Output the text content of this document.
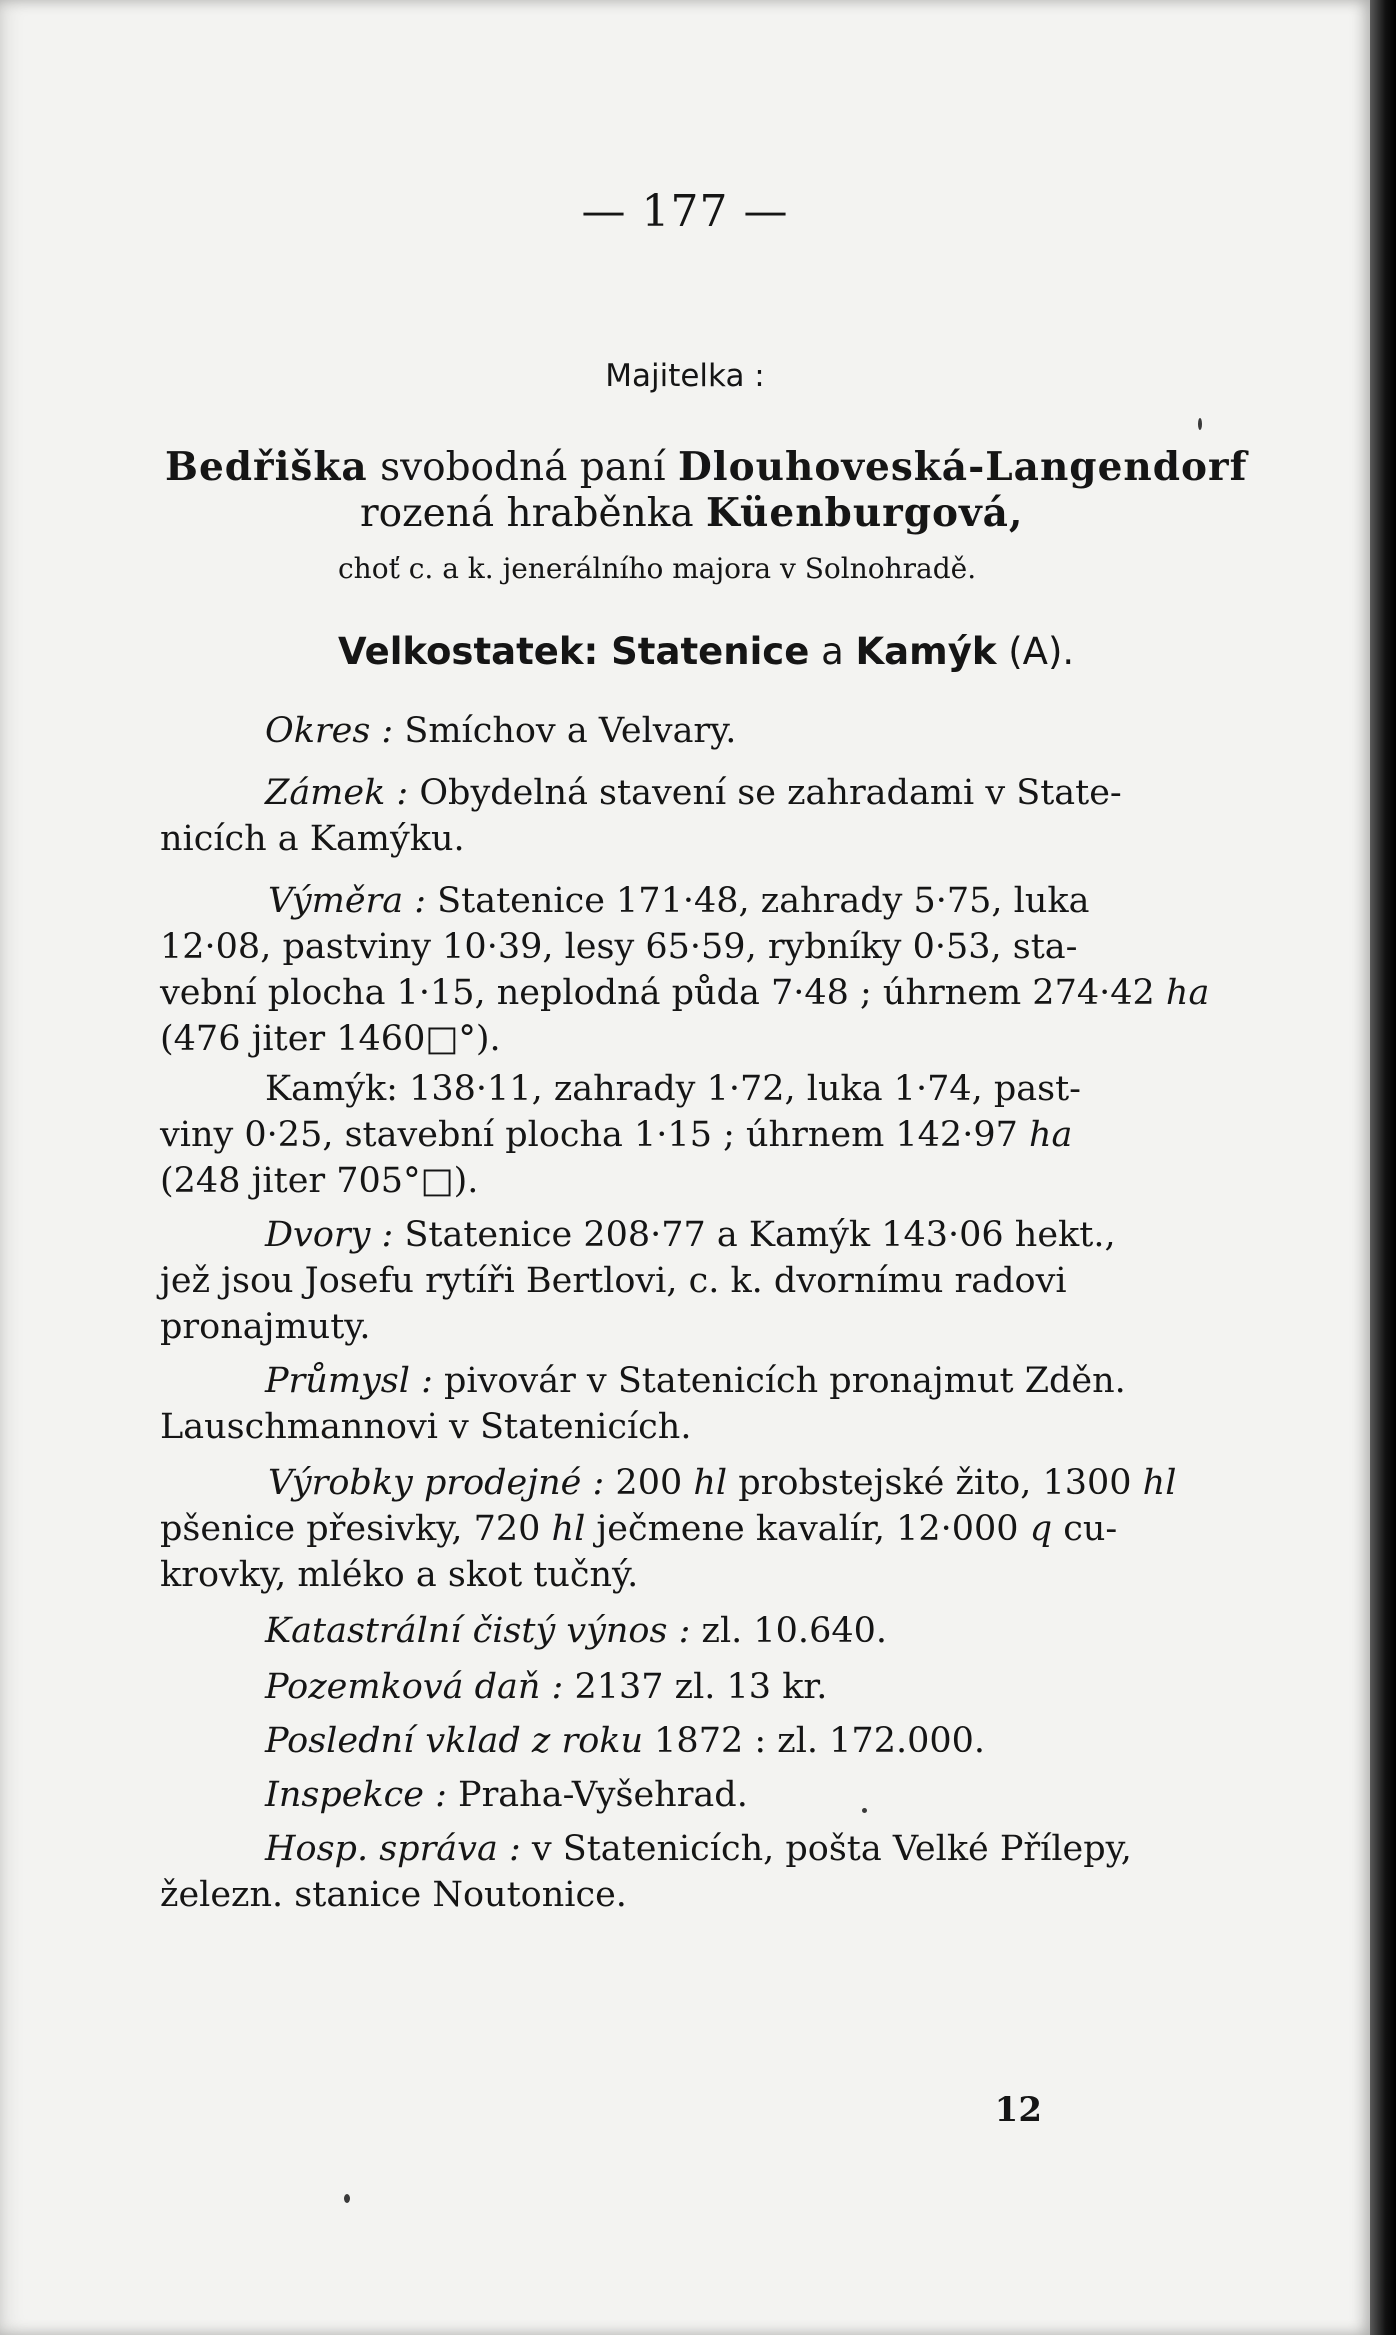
— 177 —
Majitelka :
Bedřiška svobodná paní Dlouhoveská-Langendorf
rozená hraběnka Küenburgová,
choť c. a k. jenerálního majora v Solnohradě.
Velkostatek: Statenice a Kamýk (A).
Okres : Smíchov a Velvary.
Zámek : Obydelná stavení se zahradami v State-
nicích a Kamýku.
Výměra : Statenice 171·48, zahrady 5·75, luka
12·08, pastviny 10·39, lesy 65·59, rybníky 0·53, sta-
vební plocha 1·15, neplodná půda 7·48 ; úhrnem 274·42 ha
(476 jiter 1460□°).
Kamýk: 138·11, zahrady 1·72, luka 1·74, past-
viny 0·25, stavební plocha 1·15 ; úhrnem 142·97 ha
(248 jiter 705°□).
Dvory : Statenice 208·77 a Kamýk 143·06 hekt.,
jež jsou Josefu rytíři Bertlovi, c. k. dvornímu radovi
pronajmuty.
Průmysl : pivovár v Statenicích pronajmut Zděn.
Lauschmannovi v Statenicích.
Výrobky prodejné : 200 hl probstejské žito, 1300 hl
pšenice přesivky, 720 hl ječmene kavalír, 12·000 q cu-
krovky, mléko a skot tučný.
Katastrální čistý výnos : zl. 10.640.
Pozemková daň : 2137 zl. 13 kr.
Poslední vklad z roku 1872 : zl. 172.000.
Inspekce : Praha-Vyšehrad.
Hosp. správa : v Statenicích, pošta Velké Přílepy,
železn. stanice Noutonice.
12
